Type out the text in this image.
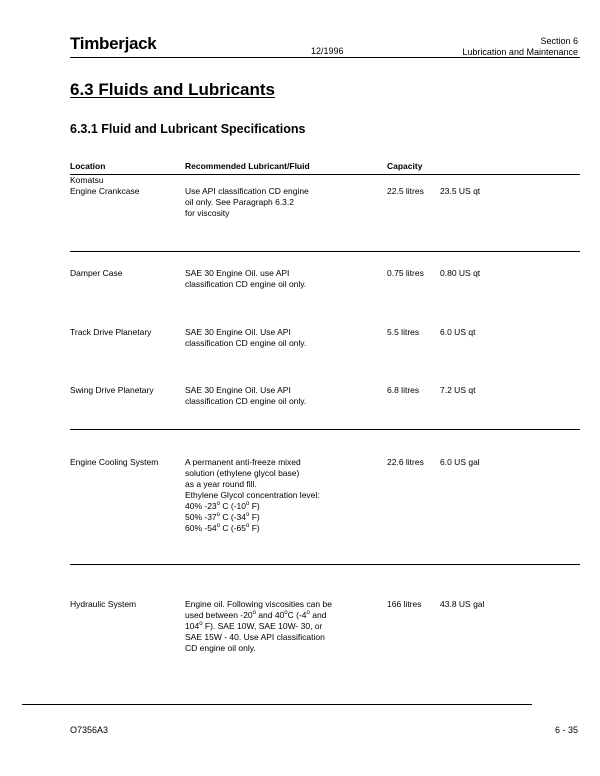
Timberjack	12/1996
Section 6
Lubrication and Maintenance
6.3 Fluids and Lubricants
6.3.1 Fluid and Lubricant Specifications
Location	Recommended Lubricant/Fluid	Capacity
Komatsu
Engine Crankcase	Use API classification CD engine
oil only. See Paragraph 6.3.2
for viscosity
22.5 litres 23.5 US qt
Damper Case	SAE 30 Engine Oil. use API
classification CD engine oil only.
0.75 litres 0.80 US qt
Track Drive Planetary	SAE 30 Engine Oil. Use API
classification CD engine oil only.
5.5 litres 6.0 US qt
Swing Drive Planetary	SAE 30 Engine Oil. Use API
classification CD engine oil only.
6.8 litres 7.2 US qt
Engine Cooling System	A permanent anti-freeze mixed
solution (ethylene glycol base)
as a year round fill.
Ethylene Glycol concentration level:
40% -23$^o$ C (-10$^o$ F)
50% -37$^o$ C (-34$^o$ F)
60% -54$^o$ C (-65$^o$ F)
22.6 litres 6.0 US gal
Hydraulic System	Engine oil. Following viscosities can be
used between -20$^o$ and 40$^o$C (-4$^o$ and
104$^o$ F). SAE 10W, SAE 10W- 30, or
SAE 15W - 40. Use API classification
CD engine oil only.
166 litres 43.8 US gal
O7356A3	6 - 35
